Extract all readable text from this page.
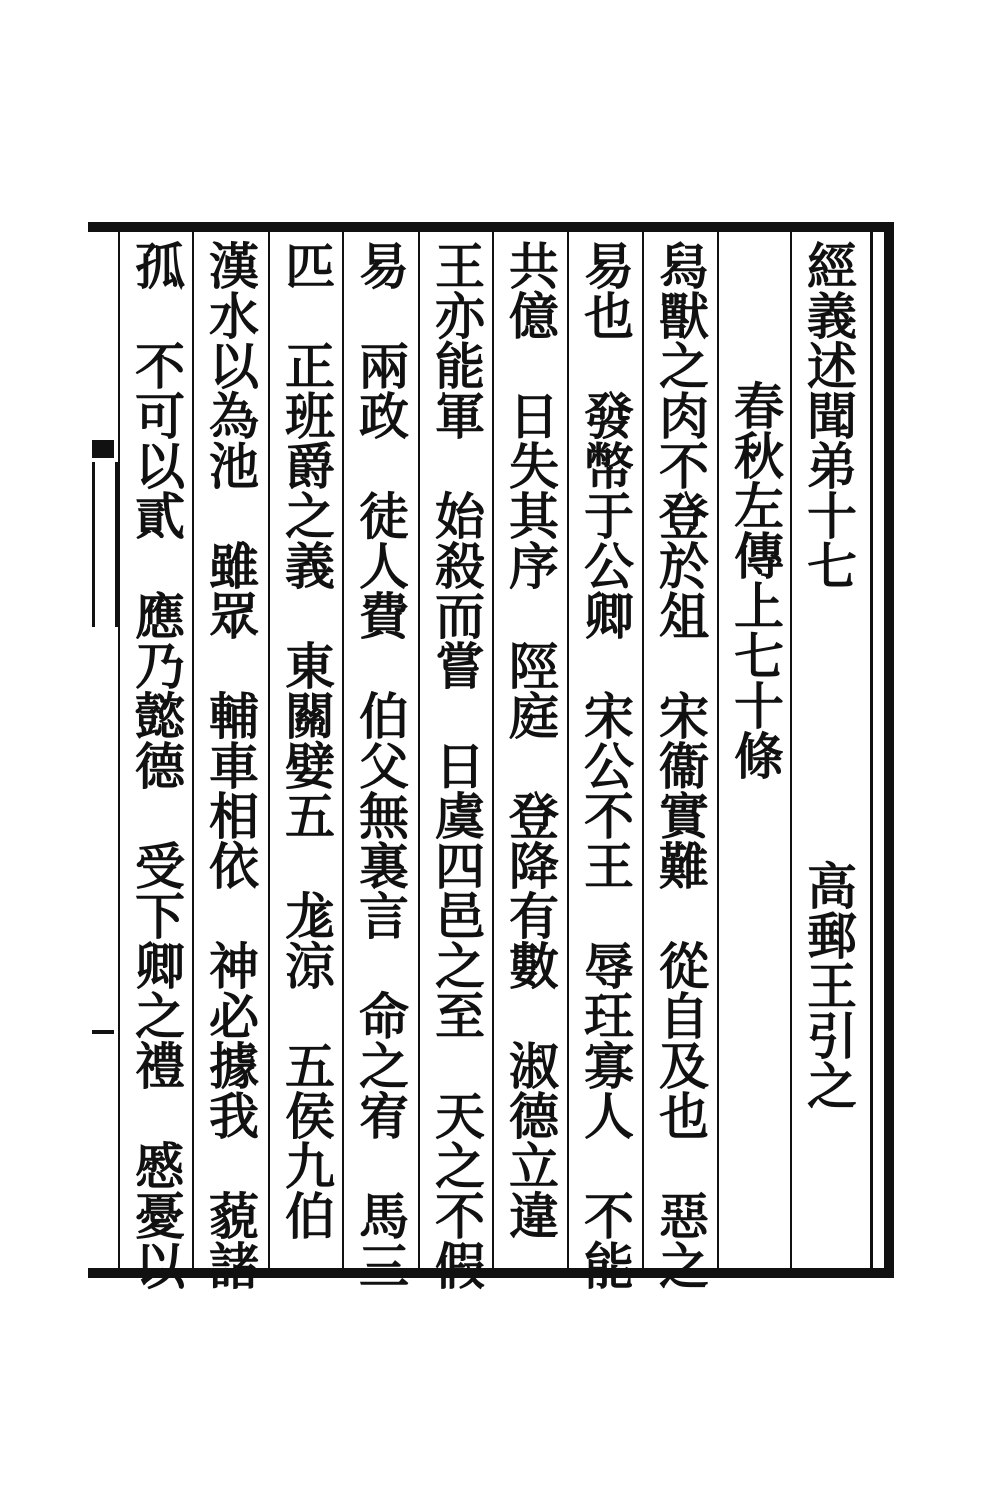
經義述聞弟十七
高郵王引之
春秋左傳上七十條
舄獸之肉不登於俎　宋衞實難　從自及也　惡之
易也　發幣于公卿　宋公不王　辱玨寡人　不能
共億　日失其序　陘庭　登降有數　淑德立違
王亦能軍　始殺而嘗　日虞四邑之至　天之不假
易　兩政　徒人費　伯父無裏言　命之宥　馬三
匹　正班爵之義　東關嬖五　尨涼　五侯九伯
漢水以為池　雖眾　輔車相依　神必據我　藐諸
孤　不可以貳　應乃懿德　受下卿之禮　慼憂以
